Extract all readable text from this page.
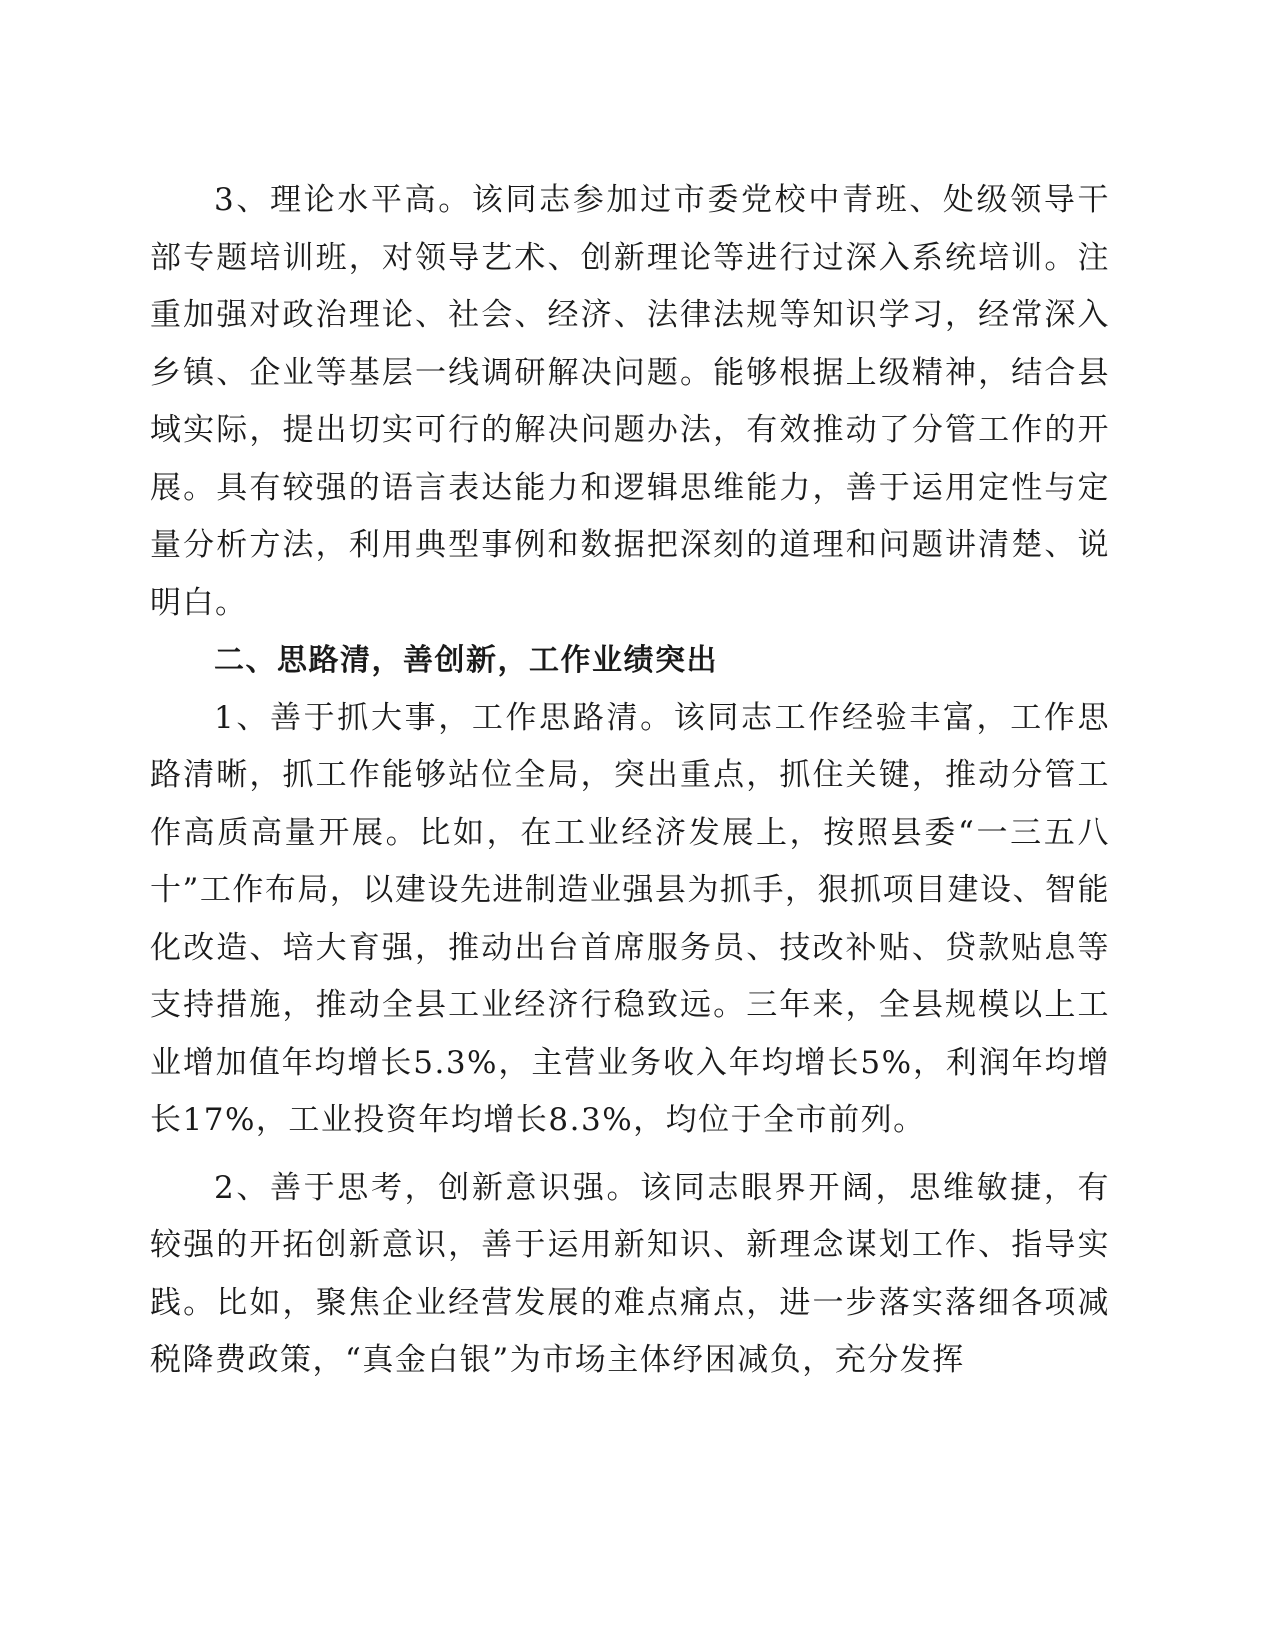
3、理论水平高。该同志参加过市委党校中青班、处级领导干部专题培训班，对领导艺术、创新理论等进行过深入系统培训。注重加强对政治理论、社会、经济、法律法规等知识学习，经常深入乡镇、企业等基层一线调研解决问题。能够根据上级精神，结合县域实际，提出切实可行的解决问题办法，有效推动了分管工作的开展。具有较强的语言表达能力和逻辑思维能力，善于运用定性与定量分析方法，利用典型事例和数据把深刻的道理和问题讲清楚、说明白。

二、思路清，善创新，工作业绩突出

1、善于抓大事，工作思路清。该同志工作经验丰富，工作思路清晰，抓工作能够站位全局，突出重点，抓住关键，推动分管工作高质高量开展。比如，在工业经济发展上，按照县委“一三五八十”工作布局，以建设先进制造业强县为抓手，狠抓项目建设、智能化改造、培大育强，推动出台首席服务员、技改补贴、贷款贴息等支持措施，推动全县工业经济行稳致远。三年来，全县规模以上工业增加值年均增长5.3%，主营业务收入年均增长5%，利润年均增长17%，工业投资年均增长8.3%，均位于全市前列。

2、善于思考，创新意识强。该同志眼界开阔，思维敏捷，有较强的开拓创新意识，善于运用新知识、新理念谋划工作、指导实践。比如，聚焦企业经营发展的难点痛点，进一步落实落细各项减税降费政策，“真金白银”为市场主体纾困减负，充分发挥
